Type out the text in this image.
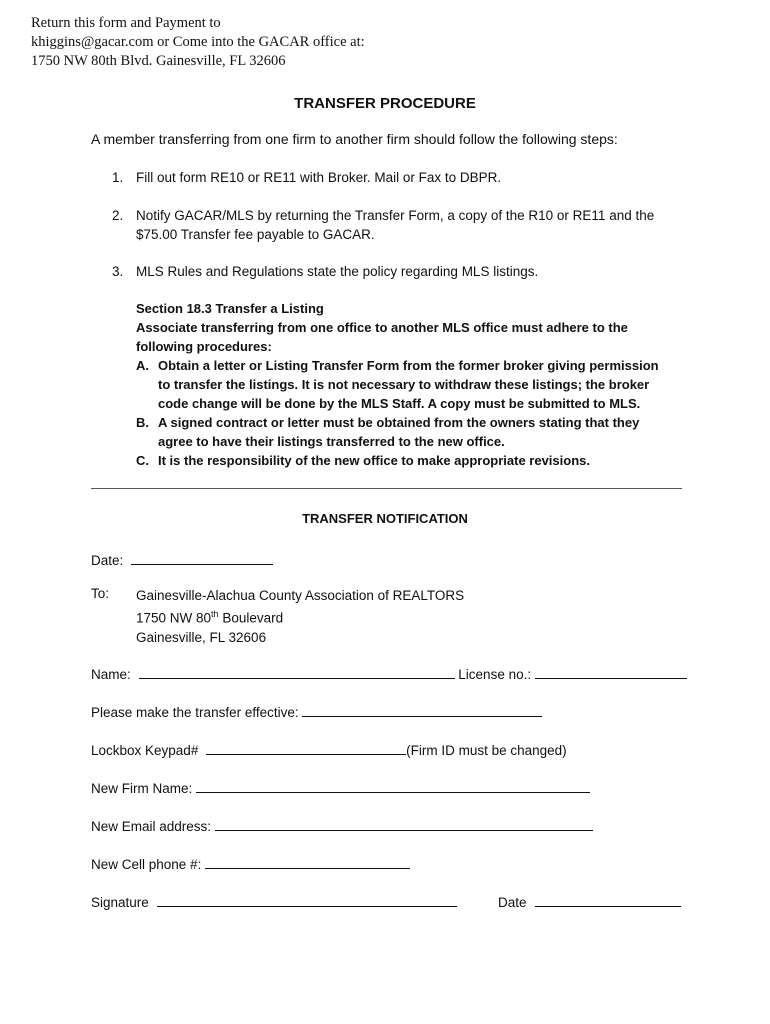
Return this form and Payment to
khiggins@gacar.com or Come into the GACAR office at:
1750 NW 80th Blvd. Gainesville, FL 32606
TRANSFER PROCEDURE
A member transferring from one firm to another firm should follow the following steps:
1. Fill out form RE10 or RE11 with Broker. Mail or Fax to DBPR.
2. Notify GACAR/MLS by returning the Transfer Form, a copy of the R10 or RE11 and the
$75.00 Transfer fee payable to GACAR.
3. MLS Rules and Regulations state the policy regarding MLS listings.
Section 18.3 Transfer a Listing
Associate transferring from one office to another MLS office must adhere to the
following procedures:
A. Obtain a letter or Listing Transfer Form from the former broker giving permission
to transfer the listings. It is not necessary to withdraw these listings; the broker
code change will be done by the MLS Staff. A copy must be submitted to MLS.
B. A signed contract or letter must be obtained from the owners stating that they
agree to have their listings transferred to the new office.
C. It is the responsibility of the new office to make appropriate revisions.
TRANSFER NOTIFICATION
Date:
To: Gainesville-Alachua County Association of REALTORS
1750 NW 80th Boulevard
Gainesville, FL 32606
Name:	License no.:
Please make the transfer effective:
Lockbox Keypad#	(Firm ID must be changed)
New Firm Name:
New Email address:
New Cell phone #:
Signature	Date
